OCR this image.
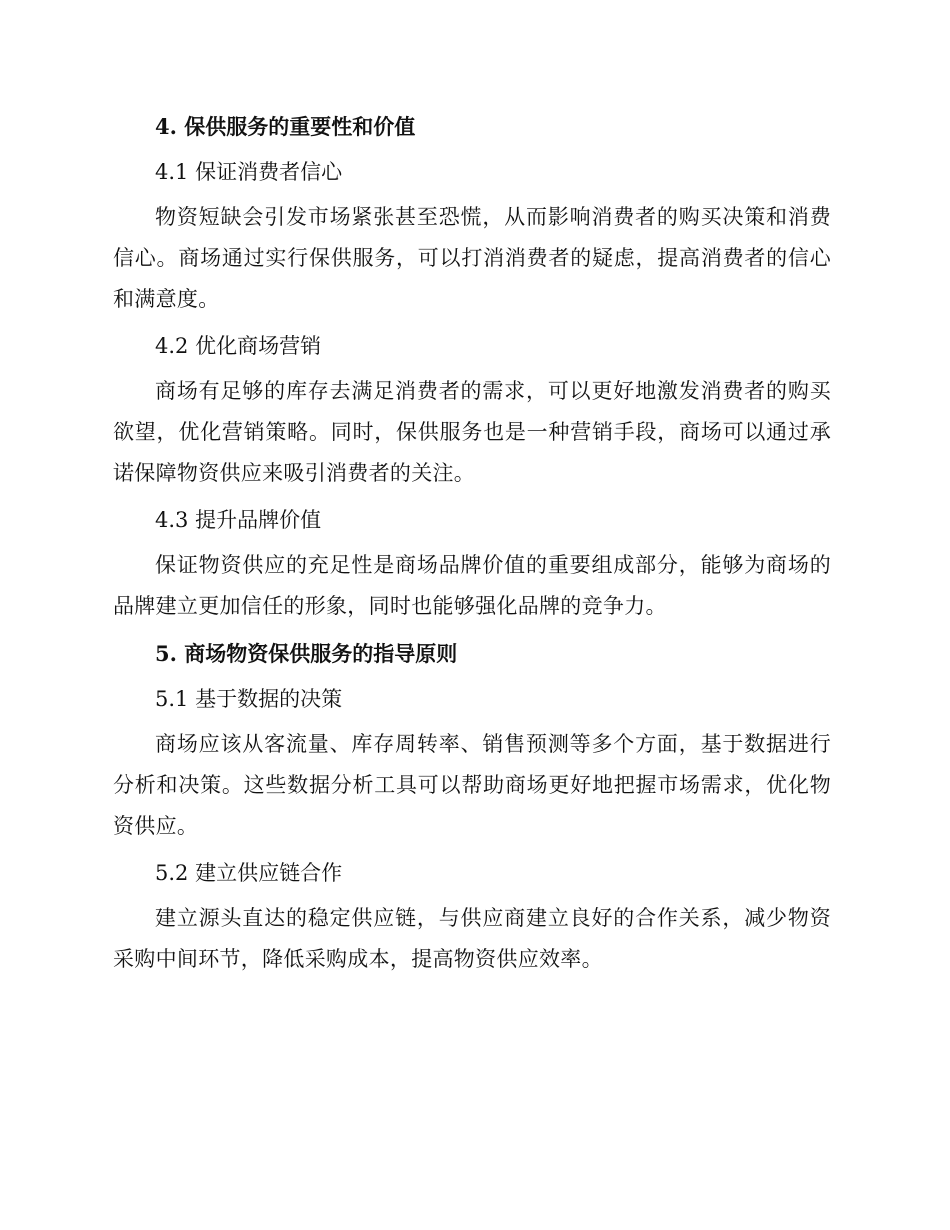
4. 保供服务的重要性和价值
4.1 保证消费者信心

物资短缺会引发市场紧张甚至恐慌，从而影响消费者的购买决策和消费信心。商场通过实行保供服务，可以打消消费者的疑虑，提高消费者的信心和满意度。

4.2 优化商场营销

商场有足够的库存去满足消费者的需求，可以更好地激发消费者的购买欲望，优化营销策略。同时，保供服务也是一种营销手段，商场可以通过承诺保障物资供应来吸引消费者的关注。

4.3 提升品牌价值

保证物资供应的充足性是商场品牌价值的重要组成部分，能够为商场的品牌建立更加信任的形象，同时也能够强化品牌的竞争力。

5. 商场物资保供服务的指导原则
5.1 基于数据的决策

商场应该从客流量、库存周转率、销售预测等多个方面，基于数据进行分析和决策。这些数据分析工具可以帮助商场更好地把握市场需求，优化物资供应。

5.2 建立供应链合作

建立源头直达的稳定供应链，与供应商建立良好的合作关系，减少物资采购中间环节，降低采购成本，提高物资供应效率。
